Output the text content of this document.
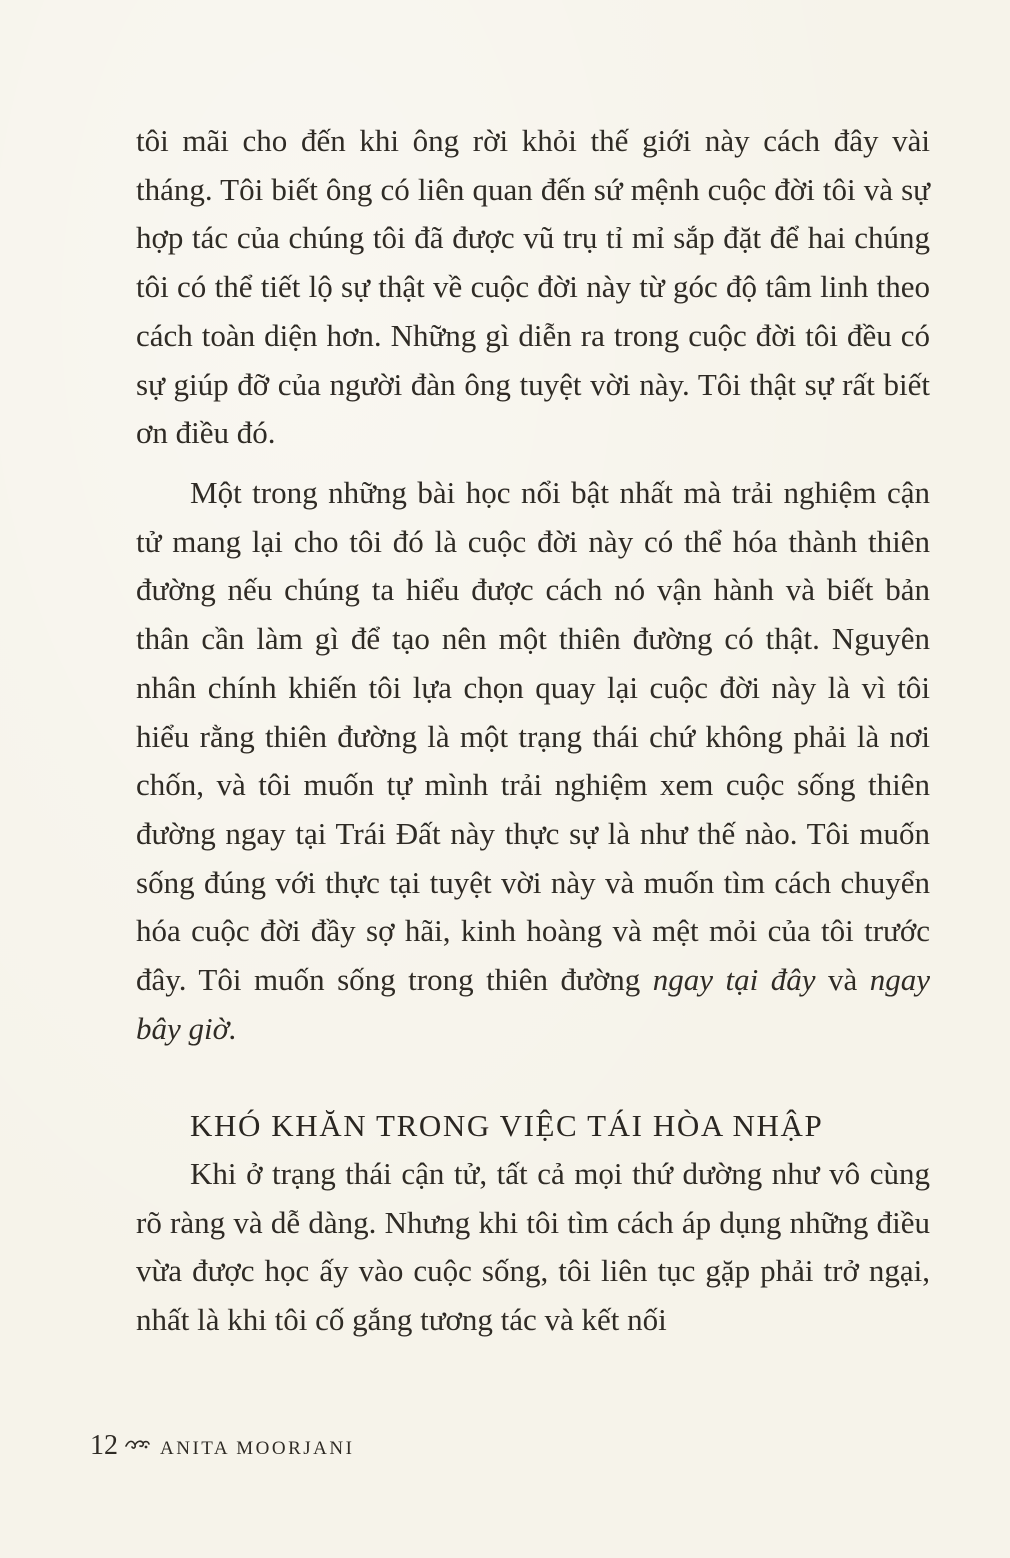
tôi mãi cho đến khi ông rời khỏi thế giới này cách đây vài tháng. Tôi biết ông có liên quan đến sứ mệnh cuộc đời tôi và sự hợp tác của chúng tôi đã được vũ trụ tỉ mỉ sắp đặt để hai chúng tôi có thể tiết lộ sự thật về cuộc đời này từ góc độ tâm linh theo cách toàn diện hơn. Những gì diễn ra trong cuộc đời tôi đều có sự giúp đỡ của người đàn ông tuyệt vời này. Tôi thật sự rất biết ơn điều đó.

Một trong những bài học nổi bật nhất mà trải nghiệm cận tử mang lại cho tôi đó là cuộc đời này có thể hóa thành thiên đường nếu chúng ta hiểu được cách nó vận hành và biết bản thân cần làm gì để tạo nên một thiên đường có thật. Nguyên nhân chính khiến tôi lựa chọn quay lại cuộc đời này là vì tôi hiểu rằng thiên đường là một trạng thái chứ không phải là nơi chốn, và tôi muốn tự mình trải nghiệm xem cuộc sống thiên đường ngay tại Trái Đất này thực sự là như thế nào. Tôi muốn sống đúng với thực tại tuyệt vời này và muốn tìm cách chuyển hóa cuộc đời đầy sợ hãi, kinh hoàng và mệt mỏi của tôi trước đây. Tôi muốn sống trong thiên đường ngay tại đây và ngay bây giờ.

KHÓ KHĂN TRONG VIỆC TÁI HÒA NHẬP

Khi ở trạng thái cận tử, tất cả mọi thứ dường như vô cùng rõ ràng và dễ dàng. Nhưng khi tôi tìm cách áp dụng những điều vừa được học ấy vào cuộc sống, tôi liên tục gặp phải trở ngại, nhất là khi tôi cố gắng tương tác và kết nối

12 ANITA MOORJANI
